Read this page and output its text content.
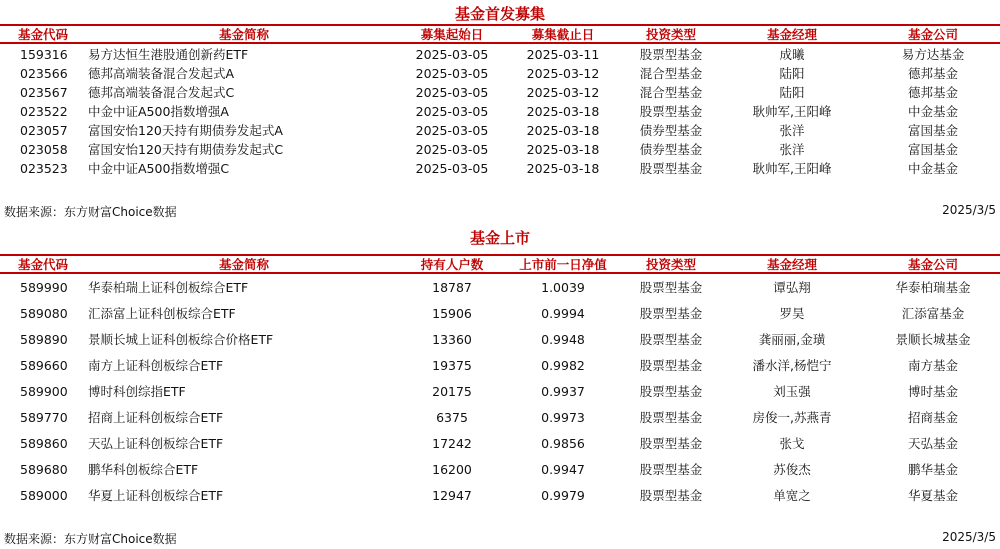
基金首发募集
基金代码	基金简称	募集起始日	募集截止日	投资类型	基金经理	基金公司
159316 易方达恒生港股通创新药ETF	2025-03-05	2025-03-11	股票型基金	成曦	易方达基金
023566 德邦高端装备混合发起式A	2025-03-05	2025-03-12	混合型基金	陆阳	德邦基金
023567 德邦高端装备混合发起式C	2025-03-05	2025-03-12	混合型基金	陆阳	德邦基金
023522 中金中证A500指数增强A	2025-03-05	2025-03-18	股票型基金	耿帅军,王阳峰	中金基金
023057 富国安怡120天持有期债券发起式A	2025-03-05	2025-03-18	债券型基金	张洋	富国基金
023058 富国安怡120天持有期债券发起式C	2025-03-05	2025-03-18	债券型基金	张洋	富国基金
023523 中金中证A500指数增强C	2025-03-05	2025-03-18	股票型基金	耿帅军,王阳峰	中金基金
数据来源：东方财富Choice数据	2025/3/5
基金上市
基金代码	基金简称	持有人户数	上市前一日净值	投资类型	基金经理	基金公司
589990 华泰柏瑞上证科创板综合ETF	18787	1.0039	股票型基金	谭弘翔	华泰柏瑞基金
589080 汇添富上证科创板综合ETF	15906	0.9994	股票型基金	罗昊	汇添富基金
589890 景顺长城上证科创板综合价格ETF	13360	0.9948	股票型基金	龚丽丽,金璜	景顺长城基金
589660 南方上证科创板综合ETF	19375	0.9982	股票型基金	潘水洋,杨恺宁	南方基金
589900 博时科创综指ETF	20175	0.9937	股票型基金	刘玉强	博时基金
589770 招商上证科创板综合ETF	6375	0.9973	股票型基金	房俊一,苏燕青	招商基金
589860 天弘上证科创板综合ETF	17242	0.9856	股票型基金	张戈	天弘基金
589680 鹏华科创板综合ETF	16200	0.9947	股票型基金	苏俊杰	鹏华基金
589000 华夏上证科创板综合ETF	12947	0.9979	股票型基金	单宽之	华夏基金
数据来源：东方财富Choice数据	2025/3/5
